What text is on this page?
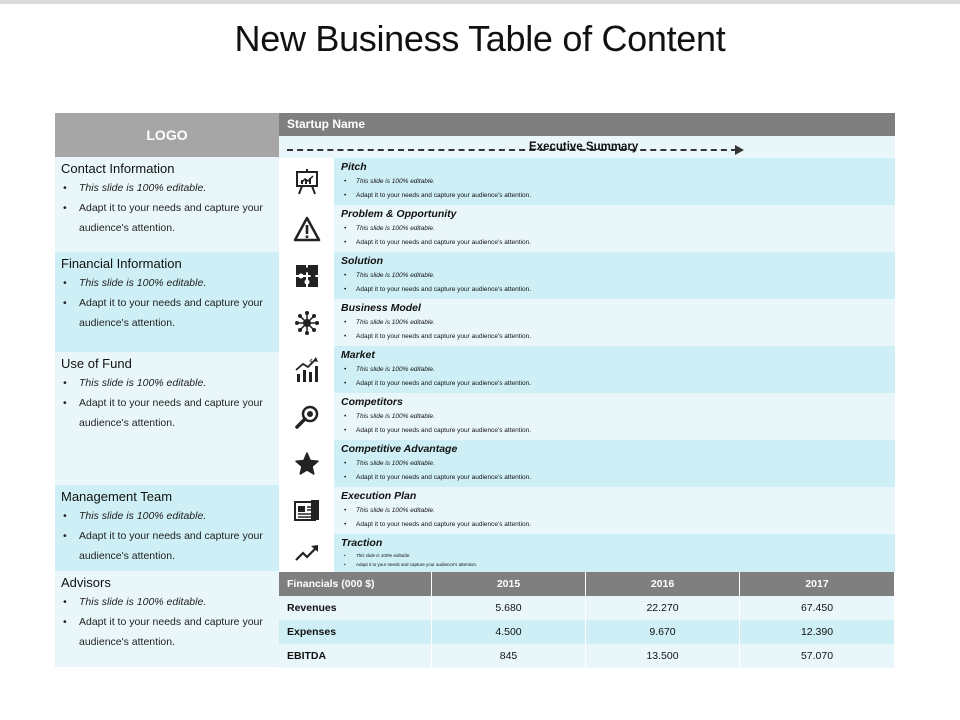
New Business Table of Content
LOGO
Contact Information
• This slide is 100% editable.
• Adapt it to your needs and capture your audience's attention.
Financial Information
• This slide is 100% editable.
• Adapt it to your needs and capture your audience's attention.
Use of Fund
• This slide is 100% editable.
• Adapt it to your needs and capture your audience's attention.
Management Team
• This slide is 100% editable.
• Adapt it to your needs and capture your audience's attention.
Advisors
• This slide is 100% editable.
• Adapt it to your needs and capture your audience's attention.
Startup Name
Executive Summary
Pitch
• This slide is 100% editable.
• Adapt it to your needs and capture your audience's attention.
Problem & Opportunity
• This slide is 100% editable.
• Adapt it to your needs and capture your audience's attention.
Solution
• This slide is 100% editable.
• Adapt it to your needs and capture your audience's attention.
Business Model
• This slide is 100% editable.
• Adapt it to your needs and capture your audience's attention.
$
Market
• This slide is 100% editable.
• Adapt it to your needs and capture your audience's attention.
Competitors
• This slide is 100% editable.
• Adapt it to your needs and capture your audience's attention.
Competitive Advantage
• This slide is 100% editable.
• Adapt it to your needs and capture your audience's attention.
Execution Plan
• This slide is 100% editable.
• Adapt it to your needs and capture your audience's attention.
Traction
• This slide is 100% editable.
• Adapt it to your needs and capture your audience's attention.
Financials (000 $)	2015	2016	2017
Revenues	5.680	22.270	67.450
Expenses	4.500	9.670	12.390
EBITDA	845	13.500	57.070
